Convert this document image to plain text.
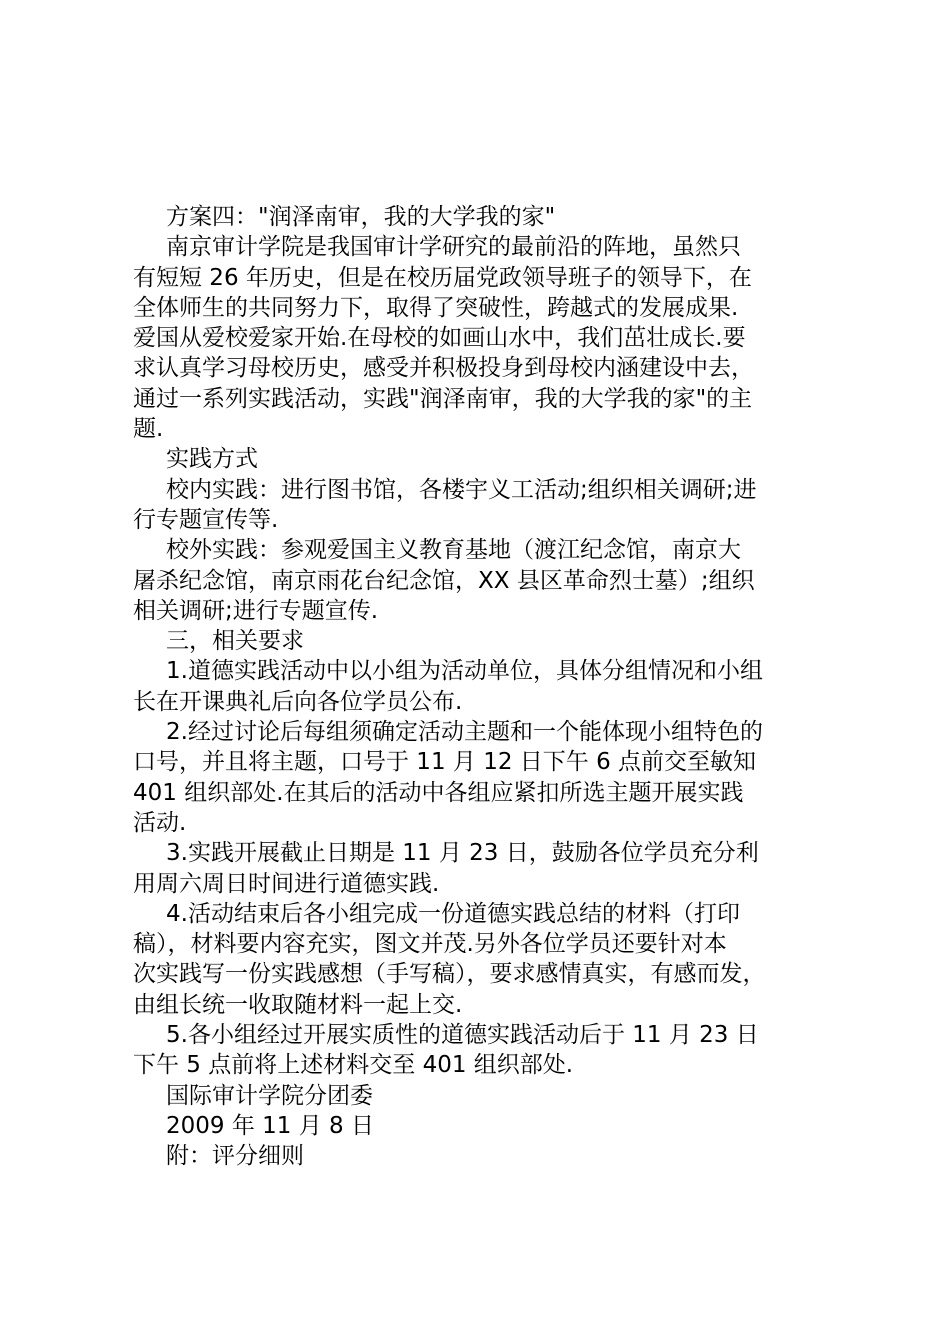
方案四："润泽南审，我的大学我的家"

南京审计学院是我国审计学研究的最前沿的阵地，虽然只
有短短 26 年历史，但是在校历届党政领导班子的领导下，在
全体师生的共同努力下，取得了突破性，跨越式的发展成果.
爱国从爱校爱家开始.在母校的如画山水中，我们茁壮成长.要
求认真学习母校历史，感受并积极投身到母校内涵建设中去，
通过一系列实践活动，实践"润泽南审，我的大学我的家"的主
题.

实践方式

校内实践：进行图书馆，各楼宇义工活动;组织相关调研;进
行专题宣传等.

校外实践：参观爱国主义教育基地（渡江纪念馆，南京大
屠杀纪念馆，南京雨花台纪念馆，XX 县区革命烈士墓）;组织
相关调研;进行专题宣传.

三，相关要求

1.道德实践活动中以小组为活动单位，具体分组情况和小组
长在开课典礼后向各位学员公布.

2.经过讨论后每组须确定活动主题和一个能体现小组特色的
口号，并且将主题，口号于 11 月 12 日下午 6 点前交至敏知
401 组织部处.在其后的活动中各组应紧扣所选主题开展实践
活动.

3.实践开展截止日期是 11 月 23 日，鼓励各位学员充分利
用周六周日时间进行道德实践.

4.活动结束后各小组完成一份道德实践总结的材料（打印
稿），材料要内容充实，图文并茂.另外各位学员还要针对本
次实践写一份实践感想（手写稿），要求感情真实，有感而发，
由组长统一收取随材料一起上交.

5.各小组经过开展实质性的道德实践活动后于 11 月 23 日
下午 5 点前将上述材料交至 401 组织部处.

国际审计学院分团委

2009 年 11 月 8 日

附：评分细则
